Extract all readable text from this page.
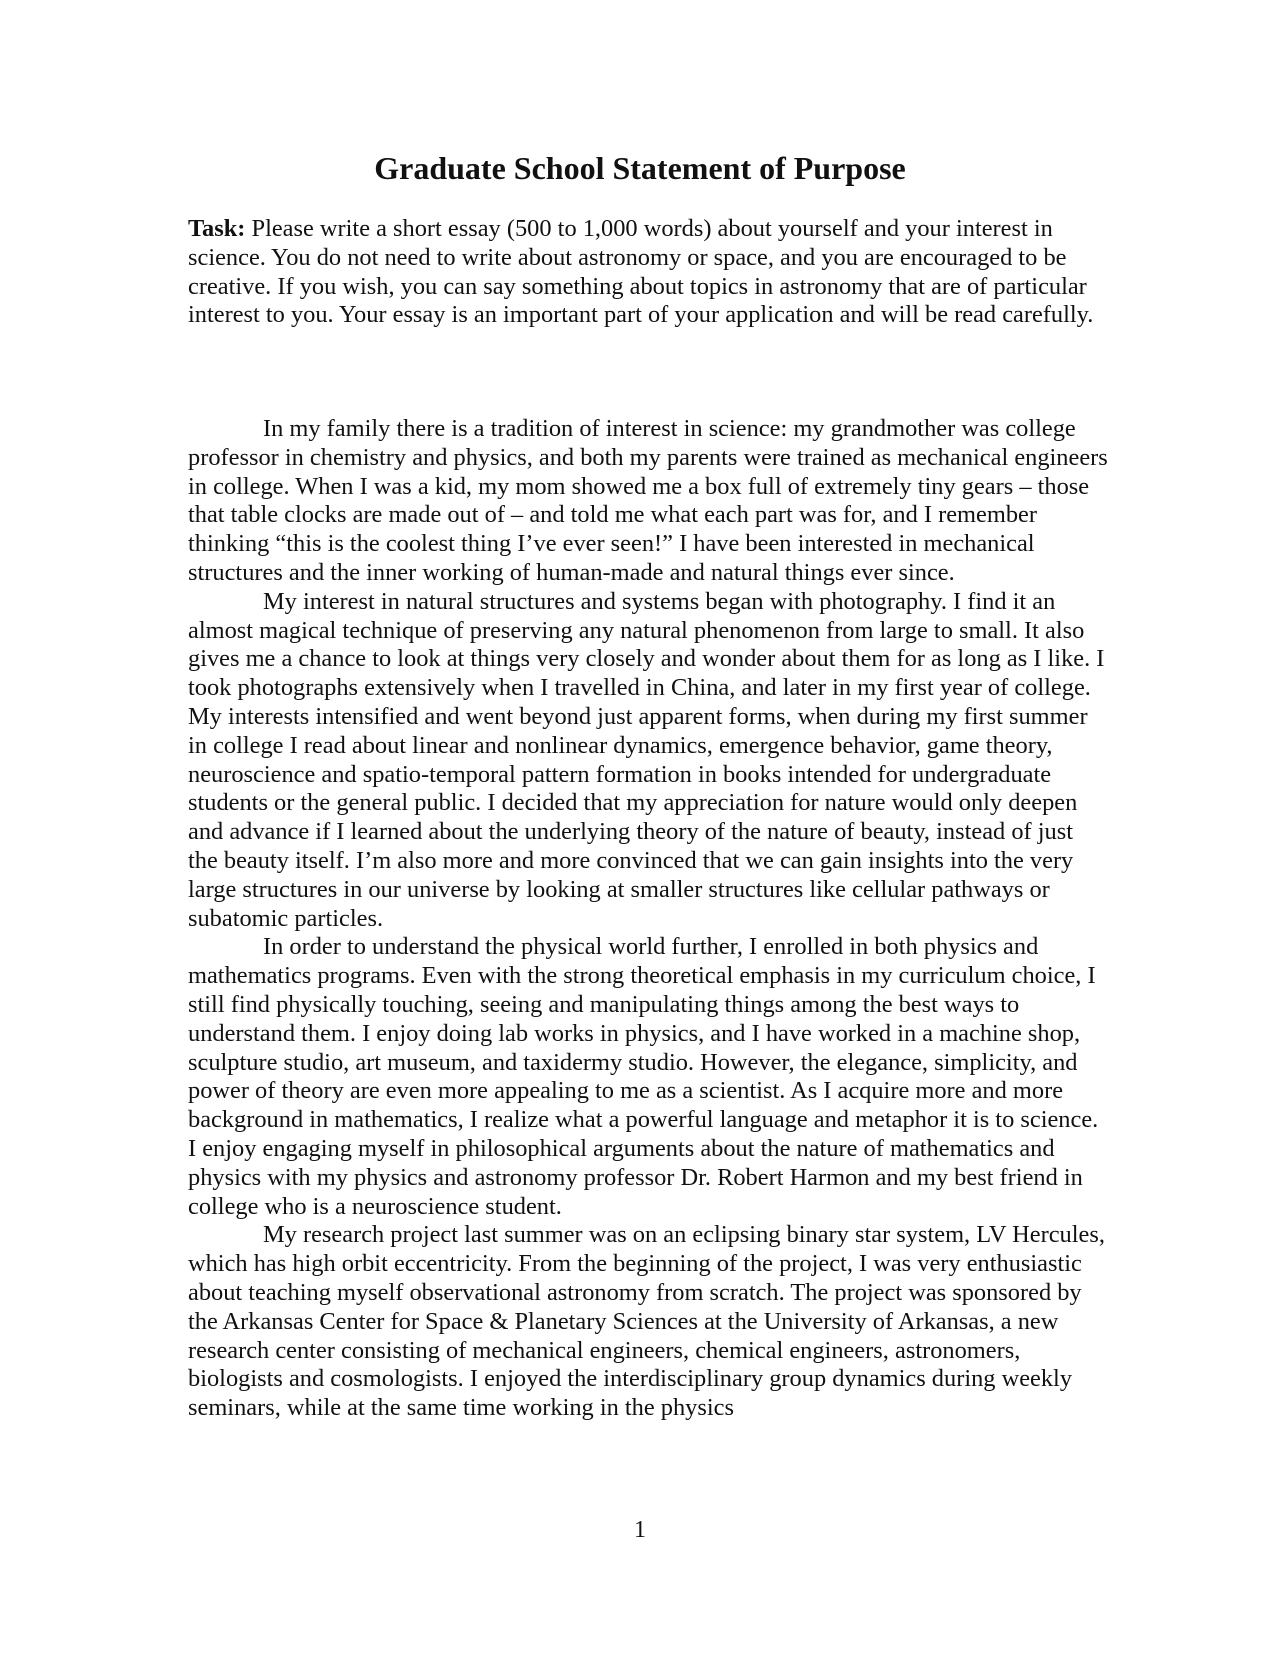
Graduate School Statement of Purpose

Task: Please write a short essay (500 to 1,000 words) about yourself and your interest in science. You do not need to write about astronomy or space, and you are encouraged to be creative. If you wish, you can say something about topics in astronomy that are of particular interest to you. Your essay is an important part of your application and will be read carefully.

In my family there is a tradition of interest in science: my grandmother was college professor in chemistry and physics, and both my parents were trained as mechanical engineers in college. When I was a kid, my mom showed me a box full of extremely tiny gears – those that table clocks are made out of – and told me what each part was for, and I remember thinking “this is the coolest thing I’ve ever seen!” I have been interested in mechanical structures and the inner working of human-made and natural things ever since.

My interest in natural structures and systems began with photography. I find it an almost magical technique of preserving any natural phenomenon from large to small. It also gives me a chance to look at things very closely and wonder about them for as long as I like. I took photographs extensively when I travelled in China, and later in my first year of college. My interests intensified and went beyond just apparent forms, when during my first summer in college I read about linear and nonlinear dynamics, emergence behavior, game theory, neuroscience and spatio-temporal pattern formation in books intended for undergraduate students or the general public. I decided that my appreciation for nature would only deepen and advance if I learned about the underlying theory of the nature of beauty, instead of just the beauty itself. I’m also more and more convinced that we can gain insights into the very large structures in our universe by looking at smaller structures like cellular pathways or subatomic particles.

In order to understand the physical world further, I enrolled in both physics and mathematics programs. Even with the strong theoretical emphasis in my curriculum choice, I still find physically touching, seeing and manipulating things among the best ways to understand them. I enjoy doing lab works in physics, and I have worked in a machine shop, sculpture studio, art museum, and taxidermy studio. However, the elegance, simplicity, and power of theory are even more appealing to me as a scientist. As I acquire more and more background in mathematics, I realize what a powerful language and metaphor it is to science. I enjoy engaging myself in philosophical arguments about the nature of mathematics and physics with my physics and astronomy professor Dr. Robert Harmon and my best friend in college who is a neuroscience student.

My research project last summer was on an eclipsing binary star system, LV Hercules, which has high orbit eccentricity. From the beginning of the project, I was very enthusiastic about teaching myself observational astronomy from scratch. The project was sponsored by the Arkansas Center for Space & Planetary Sciences at the University of Arkansas, a new research center consisting of mechanical engineers, chemical engineers, astronomers, biologists and cosmologists. I enjoyed the interdisciplinary group dynamics during weekly seminars, while at the same time working in the physics

1
